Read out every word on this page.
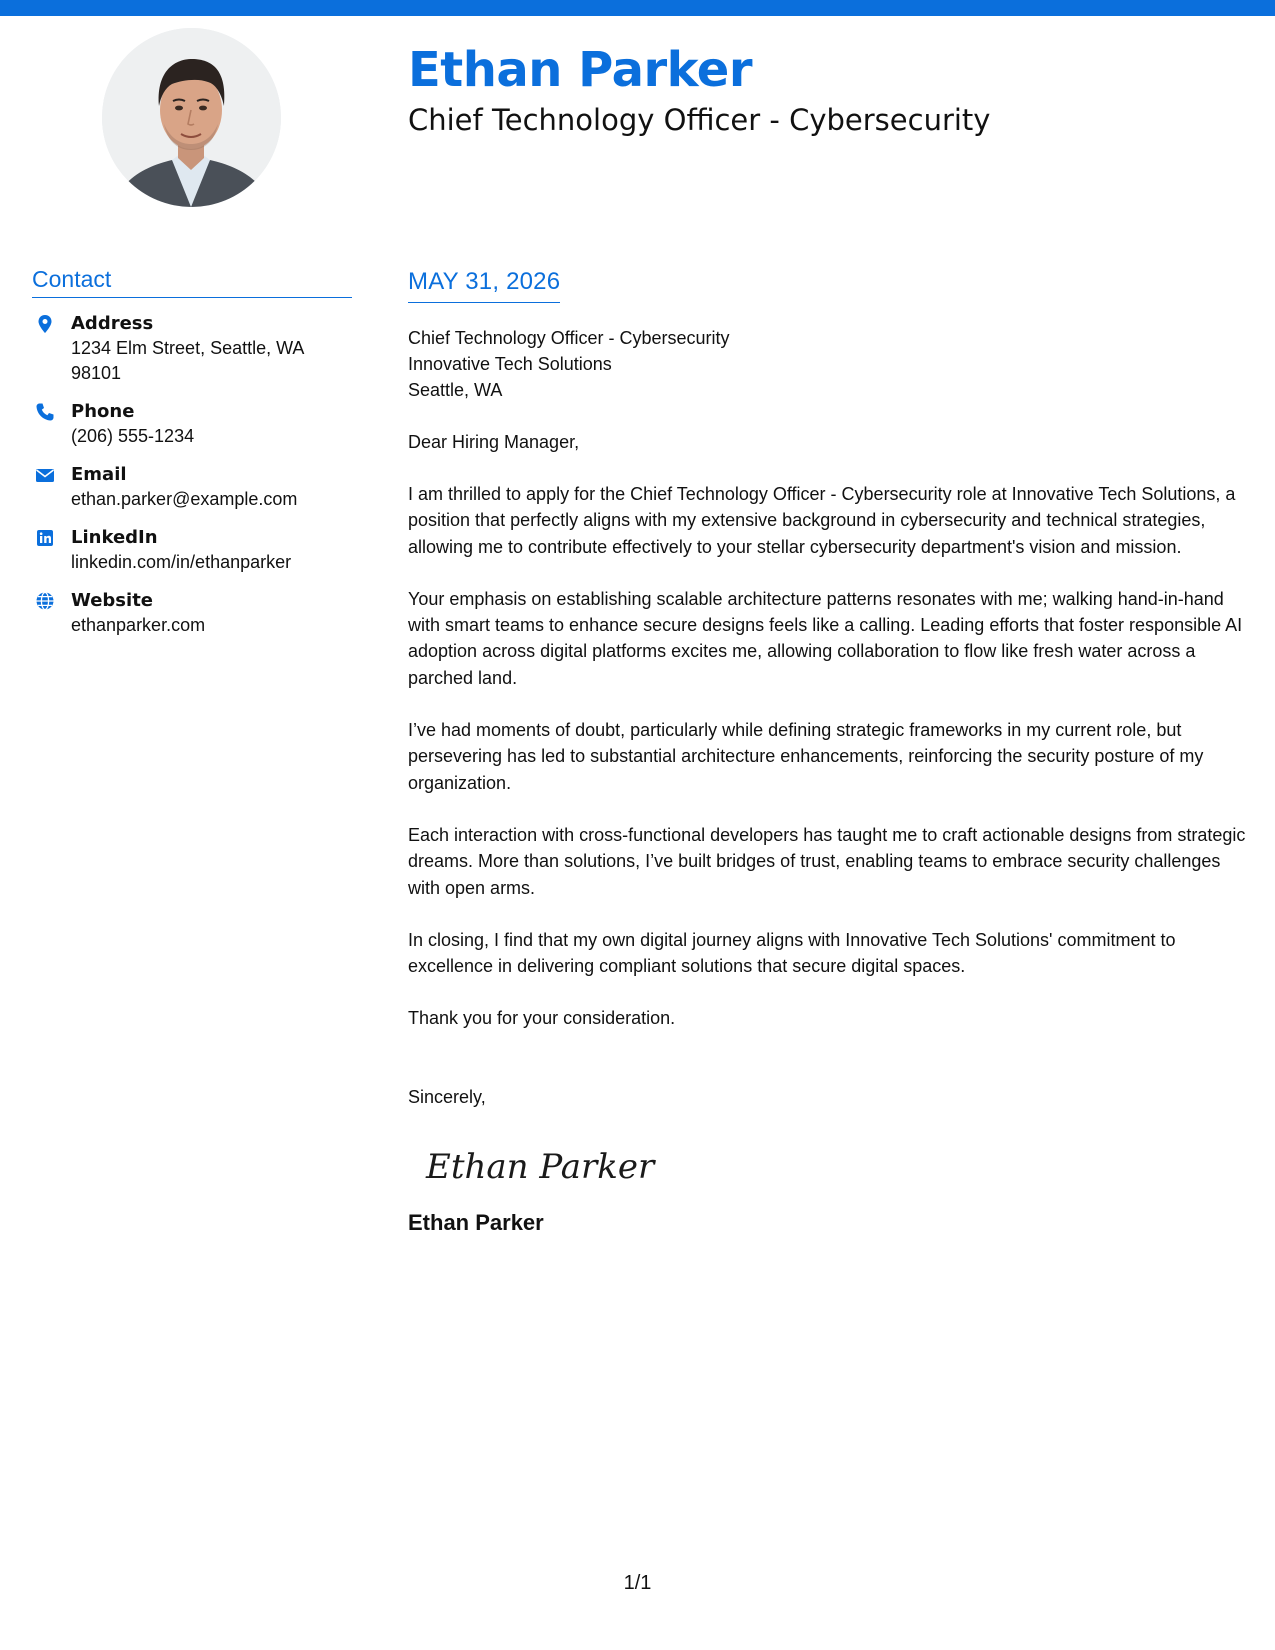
Ethan Parker
Chief Technology Officer - Cybersecurity
Contact
Address
1234 Elm Street, Seattle, WA 98101
Phone
(206) 555-1234
Email
ethan.parker@example.com
LinkedIn
linkedin.com/in/ethanparker
Website
ethanparker.com
MAY 31, 2026
Chief Technology Officer - Cybersecurity
Innovative Tech Solutions
Seattle, WA
Dear Hiring Manager,

I am thrilled to apply for the Chief Technology Officer - Cybersecurity role at Innovative Tech Solutions, a position that perfectly aligns with my extensive background in cybersecurity and technical strategies, allowing me to contribute effectively to your stellar cybersecurity department's vision and mission.

Your emphasis on establishing scalable architecture patterns resonates with me; walking hand-in-hand with smart teams to enhance secure designs feels like a calling. Leading efforts that foster responsible AI adoption across digital platforms excites me, allowing collaboration to flow like fresh water across a parched land.

I’ve had moments of doubt, particularly while defining strategic frameworks in my current role, but persevering has led to substantial architecture enhancements, reinforcing the security posture of my organization.

Each interaction with cross-functional developers has taught me to craft actionable designs from strategic dreams. More than solutions, I’ve built bridges of trust, enabling teams to embrace security challenges with open arms.

In closing, I find that my own digital journey aligns with Innovative Tech Solutions' commitment to excellence in delivering compliant solutions that secure digital spaces.

Thank you for your consideration.

Sincerely,
Ethan Parker
Ethan Parker
1/1
